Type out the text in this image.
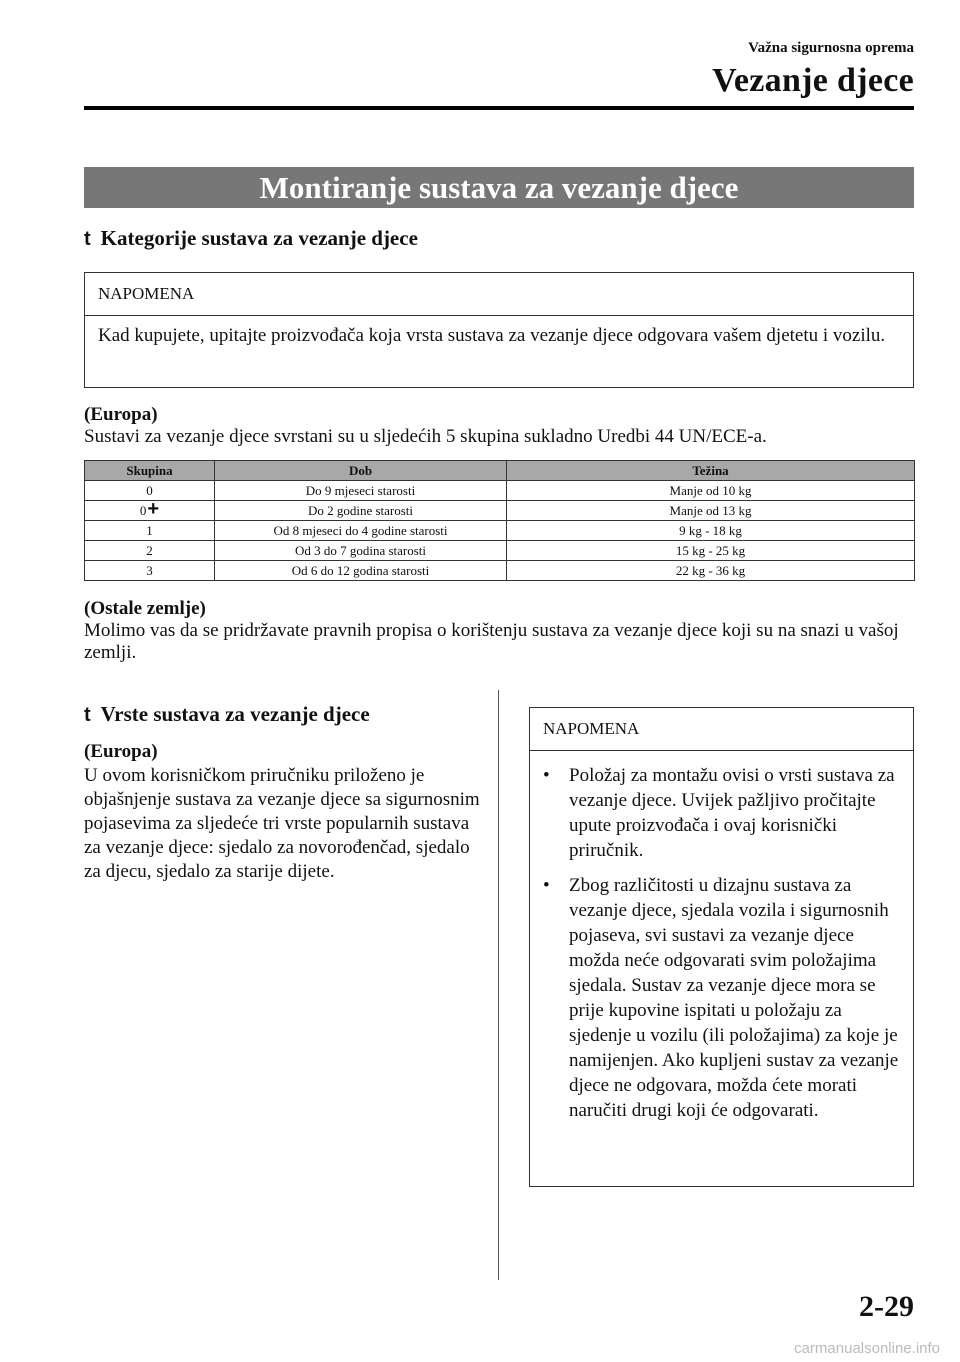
Važna sigurnosna oprema
Vezanje djece
Montiranje sustava za vezanje djece
t Kategorije sustava za vezanje djece
NAPOMENA
Kad kupujete, upitajte proizvođača koja vrsta sustava za vezanje djece odgovara vašem djetetu i vozilu.
(Europa)
Sustavi za vezanje djece svrstani su u sljedećih 5 skupina sukladno Uredbi 44 UN/ECE-a.
Skupina	Dob	Težina
0	Do 9 mjeseci starosti	Manje od 10 kg
0+	Do 2 godine starosti	Manje od 13 kg
1	Od 8 mjeseci do 4 godine starosti	9 kg - 18 kg
2	Od 3 do 7 godina starosti	15 kg - 25 kg
3	Od 6 do 12 godina starosti	22 kg - 36 kg
(Ostale zemlje)
Molimo vas da se pridržavate pravnih propisa o korištenju sustava za vezanje djece koji su na snazi u vašoj zemlji.
t Vrste sustava za vezanje djece
(Europa)
U ovom korisničkom priručniku priloženo je objašnjenje sustava za vezanje djece sa sigurnosnim pojasevima za sljedeće tri vrste popularnih sustava za vezanje djece: sjedalo za novorođenčad, sjedalo za djecu, sjedalo za starije dijete.
NAPOMENA
•	Položaj za montažu ovisi o vrsti sustava za vezanje djece. Uvijek pažljivo pročitajte upute proizvođača i ovaj korisnički priručnik.
•	Zbog različitosti u dizajnu sustava za vezanje djece, sjedala vozila i sigurnosnih pojaseva, svi sustavi za vezanje djece možda neće odgovarati svim položajima sjedala. Sustav za vezanje djece mora se prije kupovine ispitati u položaju za sjedenje u vozilu (ili položajima) za koje je namijenjen. Ako kupljeni sustav za vezanje djece ne odgovara, možda ćete morati naručiti drugi koji će odgovarati.
2-29
carmanualsonline.info
